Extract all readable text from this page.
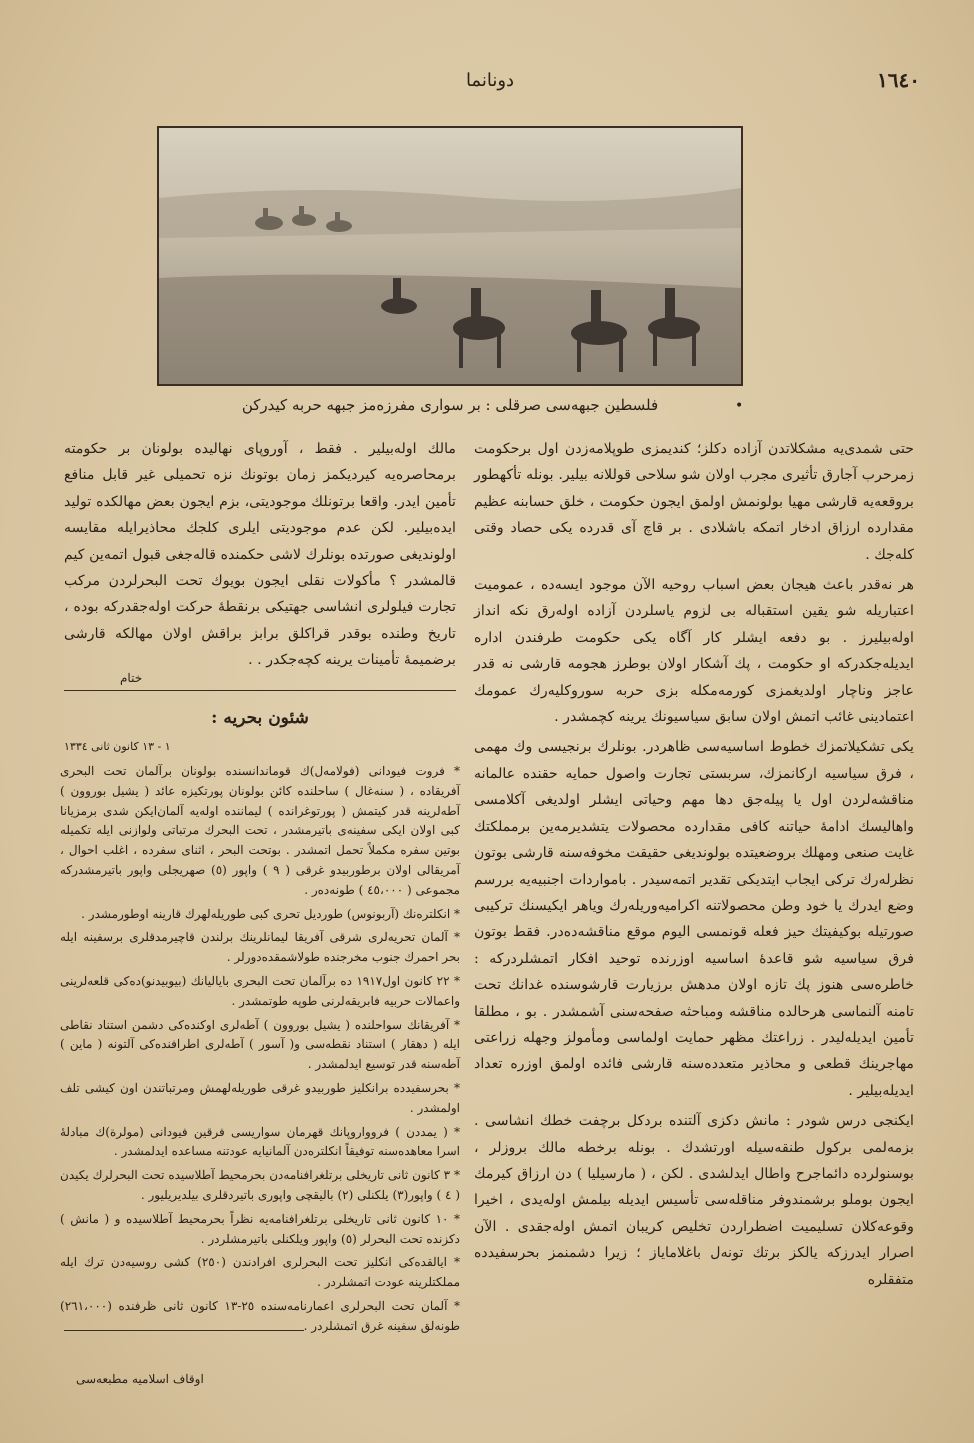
١٦٤٠
دونانما
•
فلسطين جبهه‌سی صرقلی : بر سواری مفرزه‌مز جبهه حربه كيدركن

حتی شمدی‌يه مشكلاتدن آزاده دكلز؛ كنديمزی طوپلامه‌زدن اول برحكومت زمرحرب آجارق تأثیری مجرب اولان شو سلاحی قوللانه بيلير. بونله تأكهطور بروقعه‌يه قارشی مهيا بولونمش اولمق ايجون حكومت ، خلق حسابنه عظيم مقدارده ارزاق ادخار اتمكه باشلادی . بر قاچ آی قدرده يكی حصاد وقتی كله‌جك .

هر نه‌قدر باعث هيجان بعض اسباب روحيه الآن موجود ايسه‌ده ، عموميت اعتباريله شو يقين استقباله بی لزوم ياسلردن آزاده اوله‌رق نكه انداز اوله‌بيليرز . بو دفعه ايشلر كار آگاه يكی حكومت طرفندن اداره ايديله‌جكدركه او حكومت ، پك آشكار اولان بوطرز هجومه قارشی نه قدر عاجز وناچار اولديغمزی كورمه‌مكله بزی حربه سوروكليه‌رك عمومك اعتمادينی غائب اتمش اولان سابق سياسيونك يرينه كچمشدر .

يكی تشكيلاتمزك خطوط اساسيه‌سی ظاهردر. بونلرك برنجيسی وك مهمی ، فرق سياسيه اركانمزك، سربستی تجارت واصول حمايه حقنده عالمانه مناقشه‌لردن اول يا پيله‌جق دها مهم وحياتی ايشلر اولديغی آكلامسی واهاليسك ادامهٔ حياتنه كافی مقدارده محصولات يتشديرمه‌ين برمملكتك غايت صنعی ومهلك بروضعيتده بولونديغی حقيقت مخوفه‌سنه قارشی بوتون نظرله‌رك تركی ايجاب ايتديكی تقدير اتمه‌سيدر . بامواردات اجنبيه‌يه بررسم وضع ايدرك يا خود وطن محصولاتنه اكراميه‌وريله‌رك وياهر ايكيسنك تركيبی صورتيله بوكيفيتك حيز فعله قونمسی اليوم موقع مناقشه‌ده‌در. فقط بوتون فرق سياسيه شو قاعدهٔ اساسيه اوزرنده توحيد افكار اتمشلردركه : خاطره‌سی هنوز پك تازه اولان مدهش برزيارت قارشوسنده غدانك تحت تامنه آلنماسی هرحالده مناقشه ومباحثه صفحه‌سنی آشمشدر . بو ، مطلقا تأمين ايديله‌ليدر . زراعتك مظهر حمايت اولماسی ومأمولز وجهله زراعتی مهاجرينك قطعی و محاذير متعدده‌سنه قارشی فائده اولمق اوزره تعداد ايديله‌بيلير .

ايكنجی درس شودر : مانش دكزی آلتنده بردكل برچفت خطك انشاسی . بزمه‌لمی بركول طنقه‌سيله اورتشدك . بونله برخطه مالك بروزلر ، بوسنولرده دائماجرح واطال ايدلشدی . لكن ، ( مارسيليا ) دن ارزاق كيرمك ايجون بوملو برشمندوفر مناقله‌سی تأسيس ايديله بيلمش اوله‌يدی ، اخيرا وقوعه‌كلان تسليميت اضطراردن تخليص كريبان اتمش اوله‌جقدی . الآن اصرار ايدرزكه يالكز برتك تونه‌ل باغلاماياز ؛ زيرا دشمنمز بحرسفيدده متفقلره

مالك اوله‌بيلير . فقط ، آوروپای نهاليده بولونان بر حكومته برمحاصره‌يه كيرديكمز زمان بوتونك نزه تحميلی غير قابل منافع تأمين ايدر. واقعا برتونلك موجوديتی، بزم ايجون بعض مهالكده توليد ايده‌بيلير. لكن عدم موجوديتی ايلری كلجك محاذيرايله مقايسه اولونديغی صورتده بونلرك لاشی حكمنده قاله‌جغی قبول اتمه‌ين كيم قالمشدر ؟ مأكولات نقلی ايجون بويوك تحت البحرلردن مركب تجارت فيلولری انشاسی جهتيكی برنقطهٔ حركت اوله‌جقدركه بوده ، تاريخ وطنده بوقدر قراكلق برابز براقش اولان مهالكه قارشی برضميمهٔ تأمينات يرينه كچه‌جكدر . .

ختام
شئون بحريه :
١ - ١٣ كانون ثانی ١٣٣٤

* فروت فيودانی (فولامه‌ل)ك قوماندانسنده بولونان برآلمان تحت البحری آفريقاده ، ( سنه‌غال ) ساحلنده كائن بولونان پورتكيزه عائد ( يشيل بوروون ) آطه‌لرينه قدر كيتمش ( پورتوغرانده ) ليماننده اوله‌يه آلمان‌ايكن شدی برمزيانا كبی اولان ايكی سفينه‌ی باتيرمشدر ، تحت البحرك مرتباتی ولوازنی ايله تكميله بوتين سفره مكملاً تحمل اتمشدر . بوتحت البحر ، اثنای سفرده ، اغلب احوال ، آمريقالی اولان برطوربيدو غرقی ( ٩ ) واپور (٥) صهريجلی واپور باتيرمشدركه مجموعی ( ٤٥،٠٠٠ ) طونه‌ده‌ر .

* انكلتره‌نك (آربونوس) طورديل تحری كبی طوريله‌لهرك قارينه اوطورمشدر .

* آلمان تحريه‌لری شرقی آفريقا ليمانلرينك برلندن قاچيرمدقلری برسفينه ايله بحر احمرك جنوب مخرجنده طولاشمقده‌دورلر .

* ٢٢ كانون اول١٩١٧ ده برآلمان تحت البحری باياليانك (بيوبيدنو)ده‌كی قلعه‌لرینی واعمالات حربيه فابريقه‌لرنی طوپه طوتمشدر .

* آفريقانك سواحلنده ( يشيل بوروون ) آطه‌لری اوكنده‌كی دشمن استناد نقاطی ايله ( دهقار ) استناد نقطه‌سی و( آسور ) آطه‌لری اطرافنده‌كی آلتونه ( ماين ) آطه‌سنه قدر توسيع ايدلمشدر .

* بحرسفيدده برانكليز طوربيدو غرقی طوريله‌لهمش ومرتباتندن اون كيشی تلف اولمشدر .

* ( يمددن ) فروواروپانك قهرمان سواريسی فرقين فيودانی (مولرة)ك مبادلهٔ اسرا معاهده‌سنه توفيقاً انكلتره‌دن آلمانيايه عودتنه مساعده ايدلمشدر .

* ٣ كانون ثانی تاريخلی برتلغرافنامه‌دن بحرمحيط آطلاسيده تحت البحرلرك يكيدن ( ٤ ) واپور(٣) يلكنلی (٢) باليقچی واپوری باتيردقلری بيلديريليور .

* ١٠ كانون ثانی تاريخلی برتلغرافنامه‌يه نظراً بحرمحيط آطلاسيده و ( مانش ) دكزنده تحت البحرلر (٥) واپور ويلكنلی باتيرمشلردر .

* ايالقده‌كی انكليز تحت البحرلری افرادندن (٢٥٠) كشی روسيه‌دن ترك ايله مملكتلرينه عودت اتمشلردر .

* آلمان تحت البحرلری اعمارنامه‌سنده ٢٥-١٣ كانون ثانی ظرفنده (٢٦١،٠٠٠) طونه‌لق سفينه غرق اتمشلردر .

اوقاف اسلاميه مطبعه‌سی
